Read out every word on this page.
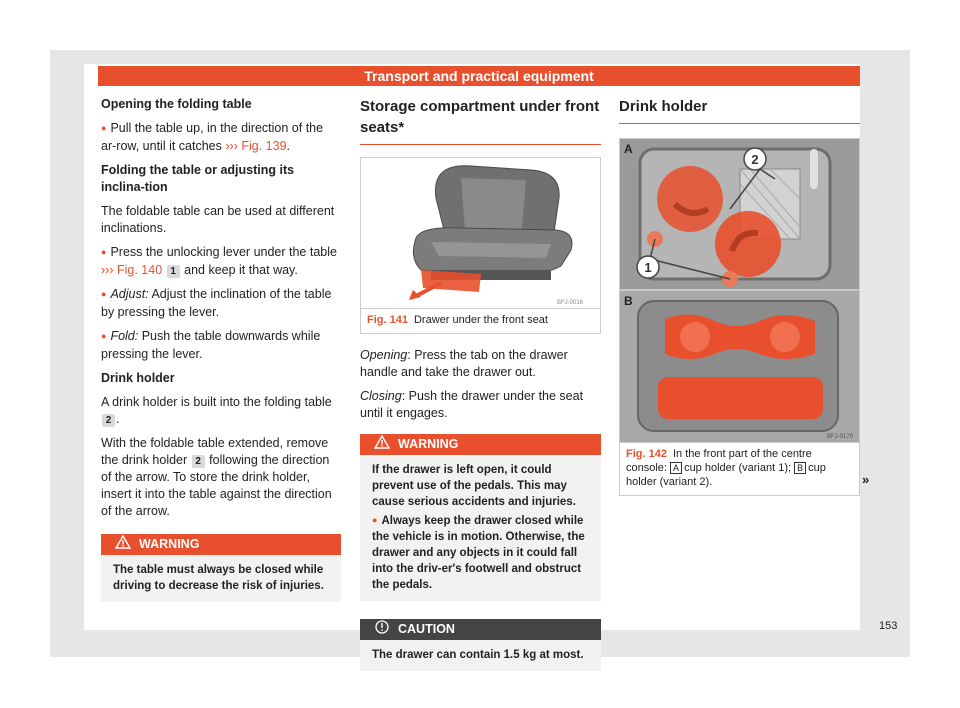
Transport and practical equipment

Opening the folding table

● Pull the table up, in the direction of the ar-row, until it catches ››› Fig. 139.

Folding the table or adjusting its inclina-tion

The foldable table can be used at different inclinations.

● Press the unlocking lever under the table ››› Fig. 140 1 and keep it that way.

● Adjust: Adjust the inclination of the table by pressing the lever.

● Fold: Push the table downwards while pressing the lever.

Drink holder

A drink holder is built into the folding table 2 .

With the foldable table extended, remove the drink holder 2 following the direction of the arrow. To store the drink holder, insert it into the table against the direction of the arrow.

WARNING
The table must always be closed while driving to decrease the risk of injuries.
Storage compartment under front seats*
BFJ-0016
Fig. 141 Drawer under the front seat

Opening: Press the tab on the drawer handle and take the drawer out.

Closing: Push the drawer under the seat until it engages.

WARNING
If the drawer is left open, it could prevent use of the pedals. This may cause serious accidents and injuries.
● Always keep the drawer closed while the vehicle is in motion. Otherwise, the drawer and any objects in it could fall into the driv-er's footwell and obstruct the pedals.
CAUTION
The drawer can contain 1.5 kg at most.
Drink holder
1
2
A
B
BFJ-0179
Fig. 142 In the front part of the centre console: A cup holder (variant 1); B cup holder (variant 2).	»
153
